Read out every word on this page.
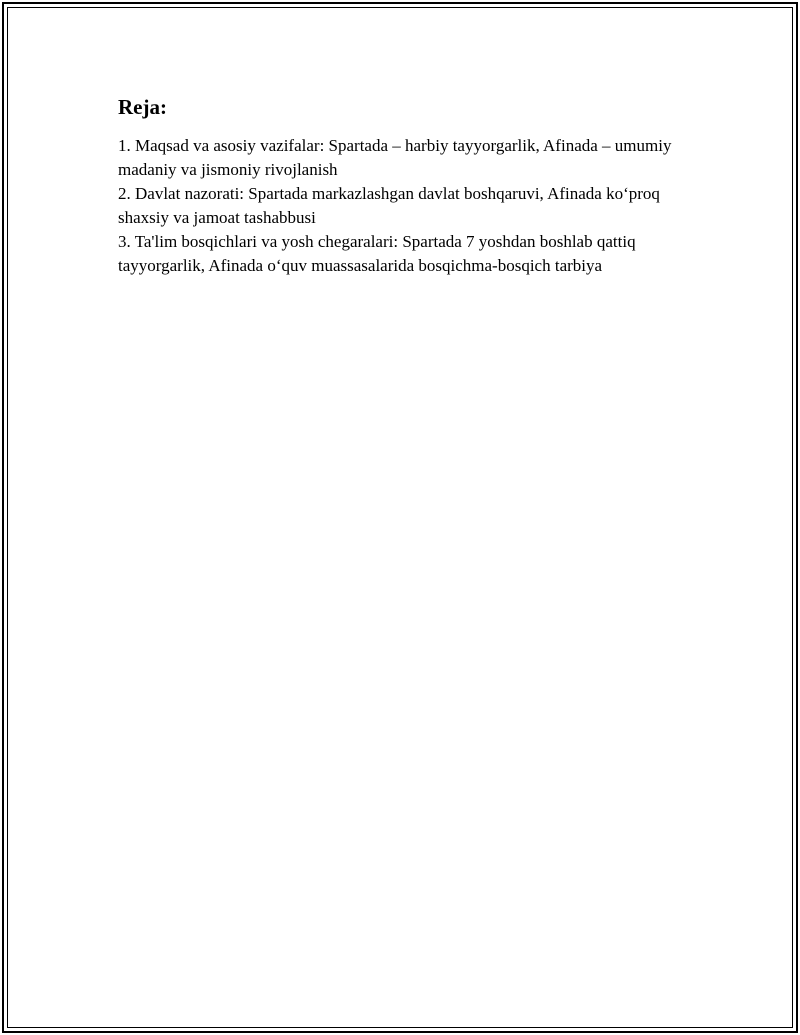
Reja:

1. Maqsad va asosiy vazifalar: Spartada – harbiy tayyorgarlik, Afinada – umumiy madaniy va jismoniy rivojlanish

2. Davlat nazorati: Spartada markazlashgan davlat boshqaruvi, Afinada ko‘proq shaxsiy va jamoat tashabbusi

3. Ta'lim bosqichlari va yosh chegaralari: Spartada 7 yoshdan boshlab qattiq tayyorgarlik, Afinada o‘quv muassasalarida bosqichma-bosqich tarbiya
